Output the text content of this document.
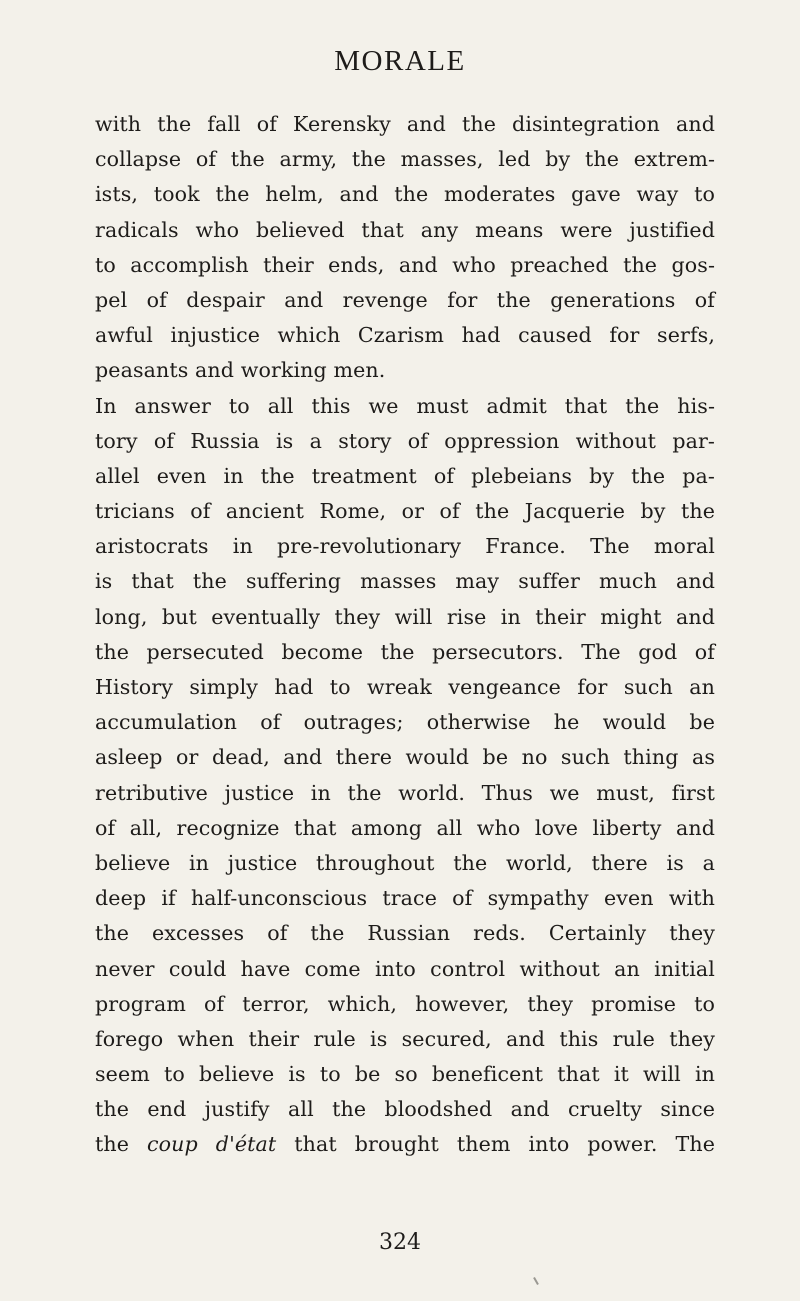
MORALE
with the fall of Kerensky and the disintegration and
collapse of the army, the masses, led by the extrem-
ists, took the helm, and the moderates gave way to
radicals who believed that any means were justified
to accomplish their ends, and who preached the gos-
pel of despair and revenge for the generations of
awful injustice which Czarism had caused for serfs,
peasants and working men.
In answer to all this we must admit that the his-
tory of Russia is a story of oppression without par-
allel even in the treatment of plebeians by the pa-
tricians of ancient Rome, or of the Jacquerie by the
aristocrats in pre-revolutionary France. The moral
is that the suffering masses may suffer much and
long, but eventually they will rise in their might and
the persecuted become the persecutors. The god of
History simply had to wreak vengeance for such an
accumulation of outrages; otherwise he would be
asleep or dead, and there would be no such thing as
retributive justice in the world. Thus we must, first
of all, recognize that among all who love liberty and
believe in justice throughout the world, there is a
deep if half-unconscious trace of sympathy even with
the excesses of the Russian reds. Certainly they
never could have come into control without an initial
program of terror, which, however, they promise to
forego when their rule is secured, and this rule they
seem to believe is to be so beneficent that it will in
the end justify all the bloodshed and cruelty since
the coup d'état that brought them into power. The
324
